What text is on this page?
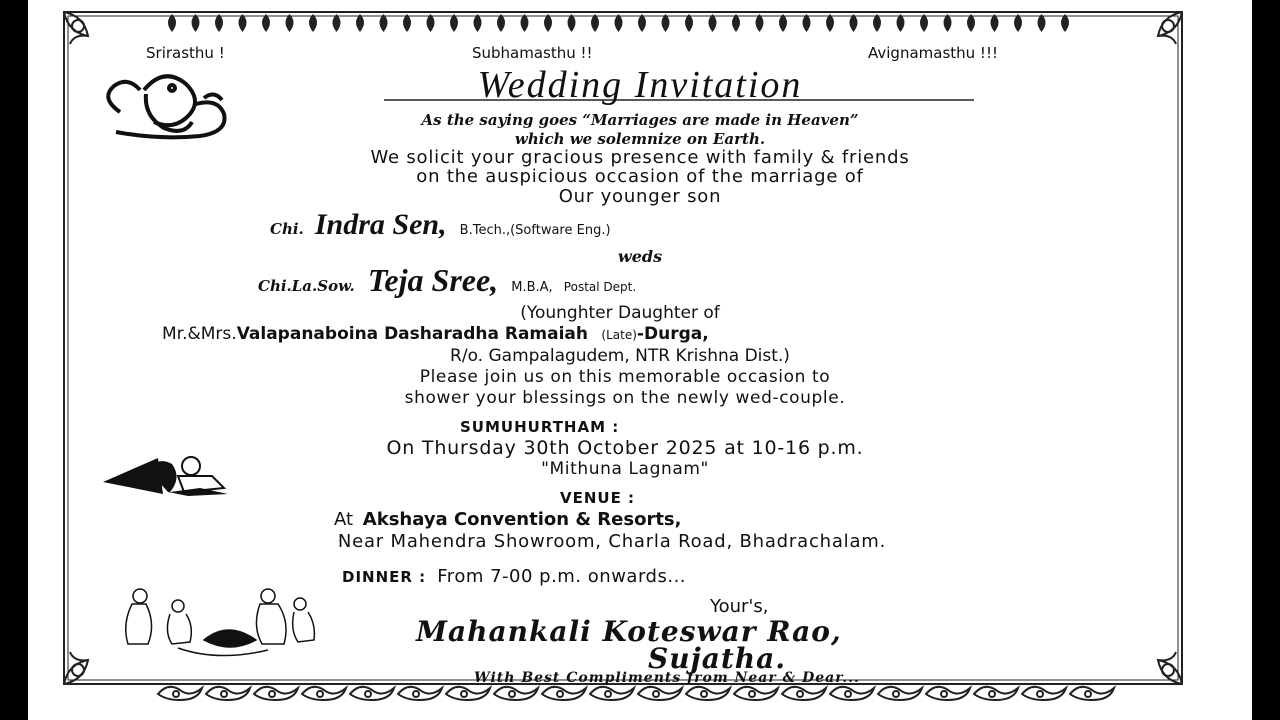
Srirasthu !	Subhamasthu !!	Avignamasthu !!!
Wedding Invitation
As the saying goes “Marriages are made in Heaven”
which we solemnize on Earth.
We solicit your gracious presence with family & friends
on the auspicious occasion of the marriage of
Our younger son
Chi. Indra Sen, B.Tech.,(Software Eng.)
weds
Chi.La.Sow. Teja Sree, M.B.A, Postal Dept.
(Younghter Daughter of
Mr.&Mrs.Valapanaboina Dasharadha Ramaiah (Late)-Durga,
R/o. Gampalagudem, NTR Krishna Dist.)
Please join us on this memorable occasion to
shower your blessings on the newly wed-couple.
SUMUHURTHAM :
On Thursday 30th October 2025 at 10-16 p.m.
"Mithuna Lagnam"
VENUE :
At Akshaya Convention & Resorts,
Near Mahendra Showroom, Charla Road, Bhadrachalam.
DINNER : From 7-00 p.m. onwards...
Your's,
Mahankali Koteswar Rao,
Sujatha.
With Best Compliments from Near & Dear...
